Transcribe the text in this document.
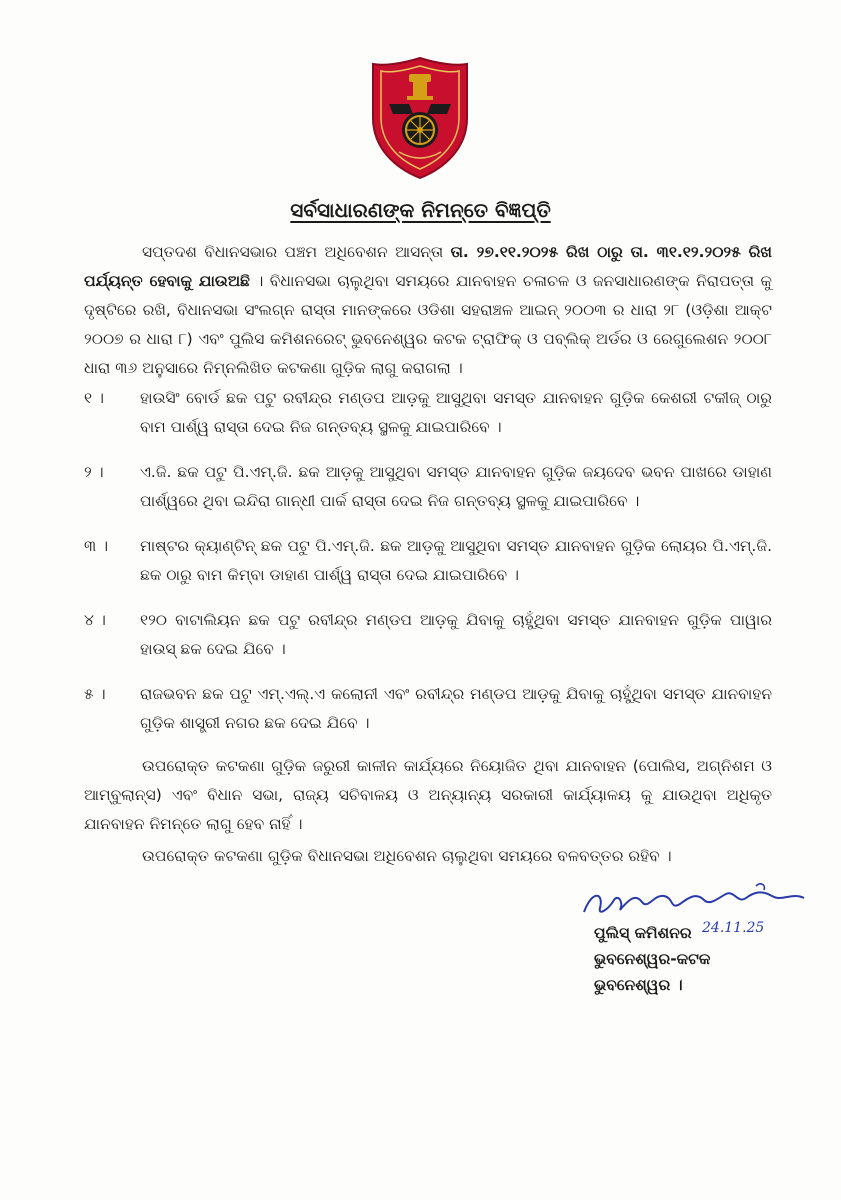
ସର୍ବସାଧାରଣଙ୍କ ନିମନ୍ତେ ବିଜ୍ଞପ୍ତି
ସପ୍ତଦଶ ବିଧାନସଭାର ପଞ୍ଚମ ଅଧିବେଶନ ଆସନ୍ତା ତା. ୨୭.୧୧.୨୦୨୫ ରିଖ ଠାରୁ ତା. ୩୧.୧୨.୨୦୨୫ ରିଖ ପର୍ଯ୍ୟନ୍ତ ହେବାକୁ ଯାଉଅଛି । ବିଧାନସଭା ଚାଲୁଥିବା ସମୟରେ ଯାନବାହନ ଚଳାଚଳ ଓ ଜନସାଧାରଣଙ୍କ ନିରାପତ୍ତା କୁ ଦୃଷ୍ଟିରେ ରଖି, ବିଧାନସଭା ସଂଲଗ୍ନ ରାସ୍ତା ମାନଙ୍କରେ ଓଡିଶା ସହରାଞ୍ଚଳ ଆଇନ୍ ୨୦୦୩ ର ଧାରା ୨୮ (ଓଡ଼ିଶା ଆକ୍ଟ ୨୦୦୭ ର ଧାରା ୮) ଏବଂ ପୁଲିସ କମିଶନରେଟ୍ ଭୁବନେଶ୍ୱର କଟକ ଟ୍ରାଫିକ୍ ଓ ପବ୍ଲିକ୍ ଅର୍ଡର ଓ ରେଗୁଲେଶନ ୨୦୦୮ ଧାରା ୩୬ ଅନୁସାରେ ନିମ୍ନଲିଖିତ କଟକଣା ଗୁଡ଼ିକ ଲାଗୁ କରାଗଲା ।
୧ ।	ହାଉସିଂ ବୋର୍ଡ ଛକ ପଟୁ ରବୀନ୍ଦ୍ର ମଣ୍ଡପ ଆଡ଼କୁ ଆସୁଥିବା ସମସ୍ତ ଯାନବାହନ ଗୁଡ଼ିକ କେଶରୀ ଟକୀଜ୍ ଠାରୁ ବାମ ପାର୍ଶ୍ୱ ରାସ୍ତା ଦେଇ ନିଜ ଗନ୍ତବ୍ୟ ସ୍ଥଳକୁ ଯାଇପାରିବେ ।
୨ ।	ଏ.ଜି. ଛକ ପଟୁ ପି.ଏମ୍.ଜି. ଛକ ଆଡ଼କୁ ଆସୁଥିବା ସମସ୍ତ ଯାନବାହନ ଗୁଡ଼ିକ ଜୟଦେବ ଭବନ ପାଖରେ ଡାହାଣ ପାର୍ଶ୍ୱରେ ଥିବା ଇନ୍ଦିରା ଗାନ୍ଧୀ ପାର୍କ ରାସ୍ତା ଦେଇ ନିଜ ଗନ୍ତବ୍ୟ ସ୍ଥଳକୁ ଯାଇପାରିବେ ।
୩ ।	ମାଷ୍ଟର କ୍ୟାଣ୍ଟିନ୍ ଛକ ପଟୁ ପି.ଏମ୍.ଜି. ଛକ ଆଡ଼କୁ ଆସୁଥିବା ସମସ୍ତ ଯାନବାହନ ଗୁଡ଼ିକ ଲୋୟର ପି.ଏମ୍.ଜି. ଛକ ଠାରୁ ବାମ କିମ୍ବା ଡାହାଣ ପାର୍ଶ୍ୱ ରାସ୍ତା ଦେଇ ଯାଇପାରିବେ ।
୪ ।	୧୨୦ ବାଟାଲିୟନ ଛକ ପଟୁ ରବୀନ୍ଦ୍ର ମଣ୍ଡପ ଆଡ଼କୁ ଯିବାକୁ ଚାହୁଁଥିବା ସମସ୍ତ ଯାନବାହନ ଗୁଡ଼ିକ ପାୱାର ହାଉସ୍ ଛକ ଦେଇ ଯିବେ ।
୫ ।	ରାଜଭବନ ଛକ ପଟୁ ଏମ୍.ଏଲ୍.ଏ କଲୋନୀ ଏବଂ ରବୀନ୍ଦ୍ର ମଣ୍ଡପ ଆଡ଼କୁ ଯିବାକୁ ଚାହୁଁଥିବା ସମସ୍ତ ଯାନବାହନ ଗୁଡ଼ିକ ଶାସ୍ତ୍ରୀ ନଗର ଛକ ଦେଇ ଯିବେ ।
ଉପରୋକ୍ତ କଟକଣା ଗୁଡ଼ିକ ଜରୁରୀ କାଳୀନ କାର୍ଯ୍ୟରେ ନିୟୋଜିତ ଥିବା ଯାନବାହନ (ପୋଲିସ, ଅଗ୍ନିଶମ ଓ ଆମ୍ବୁଲାନ୍ସ) ଏବଂ ବିଧାନ ସଭା, ରାଜ୍ୟ ସଚିବାଳୟ ଓ ଅନ୍ୟାନ୍ୟ ସରକାରୀ କାର୍ଯ୍ୟାଳୟ କୁ ଯାଉଥିବା ଅଧିକୃତ ଯାନବାହନ ନିମନ୍ତେ ଲାଗୁ ହେବ ନାହିଁ ।
ଉପରୋକ୍ତ କଟକଣା ଗୁଡ଼ିକ ବିଧାନସଭା ଅଧିବେଶନ ଚାଲୁଥିବା ସମୟରେ ବଳବତ୍ତର ରହିବ ।
24.11.25
ପୁଲିସ୍ କମିଶନର
ଭୁବନେଶ୍ୱର-କଟକ
ଭୁବନେଶ୍ୱର ।
